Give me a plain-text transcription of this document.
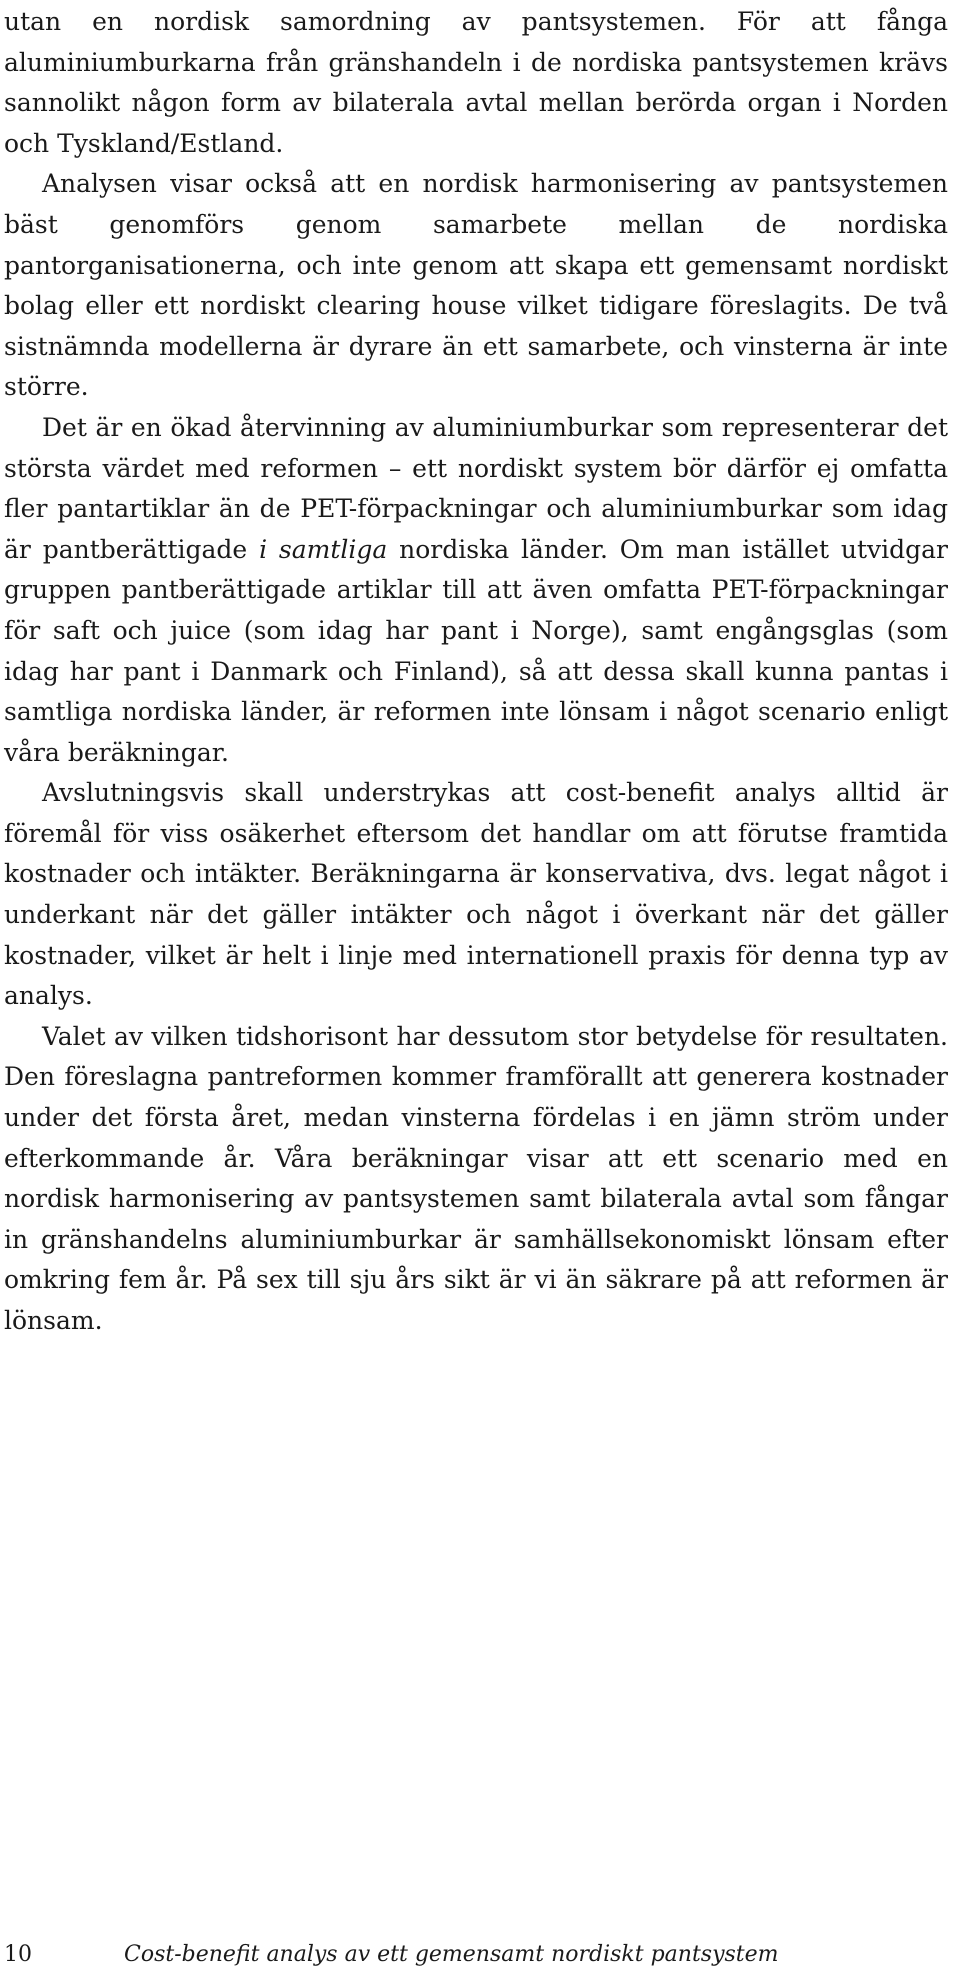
utan en nordisk samordning av pantsystemen. För att fånga aluminiumburkarna från gränshandeln i de nordiska pantsystemen krävs sannolikt någon form av bilaterala avtal mellan berörda organ i Norden och Tyskland/Estland.

Analysen visar också att en nordisk harmonisering av pantsystemen bäst genomförs genom samarbete mellan de nordiska pantorganisationerna, och inte genom att skapa ett gemensamt nordiskt bolag eller ett nordiskt clearing house vilket tidigare föreslagits. De två sistnämnda modellerna är dyrare än ett samarbete, och vinsterna är inte större.

Det är en ökad återvinning av aluminiumburkar som representerar det största värdet med reformen – ett nordiskt system bör därför ej omfatta fler pantartiklar än de PET-förpackningar och aluminiumburkar som idag är pantberättigade i samtliga nordiska länder. Om man istället utvidgar gruppen pantberättigade artiklar till att även omfatta PET-förpackningar för saft och juice (som idag har pant i Norge), samt engångsglas (som idag har pant i Danmark och Finland), så att dessa skall kunna pantas i samtliga nordiska länder, är reformen inte lönsam i något scenario enligt våra beräkningar.

Avslutningsvis skall understrykas att cost-benefit analys alltid är föremål för viss osäkerhet eftersom det handlar om att förutse framtida kostnader och intäkter. Beräkningarna är konservativa, dvs. legat något i underkant när det gäller intäkter och något i överkant när det gäller kostnader, vilket är helt i linje med internationell praxis för denna typ av analys.

Valet av vilken tidshorisont har dessutom stor betydelse för resultaten. Den föreslagna pantreformen kommer framförallt att generera kostnader under det första året, medan vinsterna fördelas i en jämn ström under efterkommande år. Våra beräkningar visar att ett scenario med en nordisk harmonisering av pantsystemen samt bilaterala avtal som fångar in gränshandelns aluminiumburkar är samhällsekonomiskt lönsam efter omkring fem år. På sex till sju års sikt är vi än säkrare på att reformen är lönsam.

10	Cost-benefit analys av ett gemensamt nordiskt pantsystem
